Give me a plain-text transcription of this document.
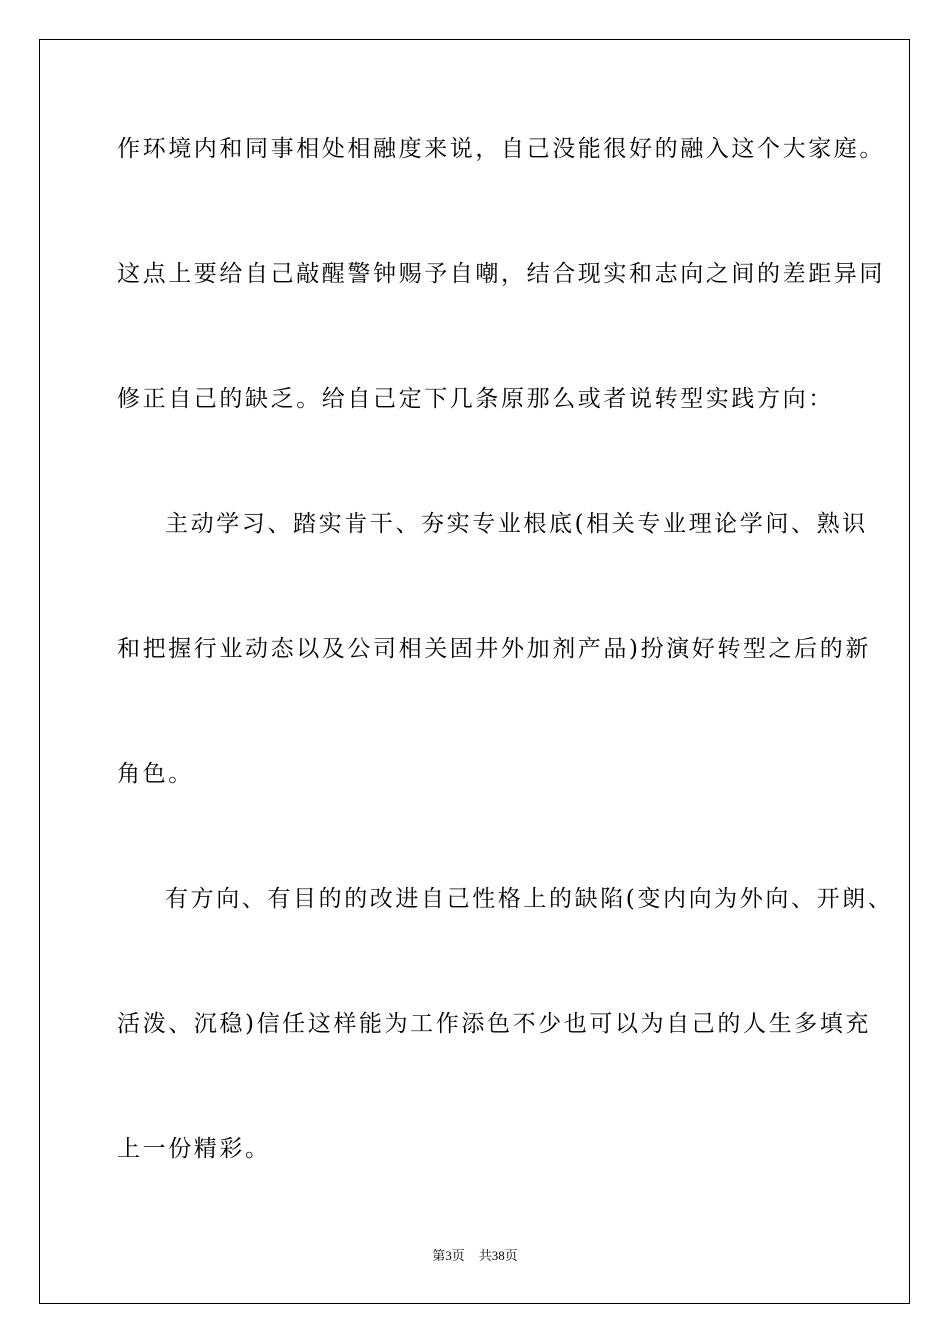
作环境内和同事相处相融度来说，自己没能很好的融入这个大家庭。
这点上要给自己敲醒警钟赐予自嘲，结合现实和志向之间的差距异同
修正自己的缺乏。给自己定下几条原那么或者说转型实践方向：
主动学习、踏实肯干、夯实专业根底(相关专业理论学问、熟识
和把握行业动态以及公司相关固井外加剂产品)扮演好转型之后的新
角色。
有方向、有目的的改进自己性格上的缺陷(变内向为外向、开朗、
活泼、沉稳)信任这样能为工作添色不少也可以为自己的人生多填充
上一份精彩。
第3页 共38页
